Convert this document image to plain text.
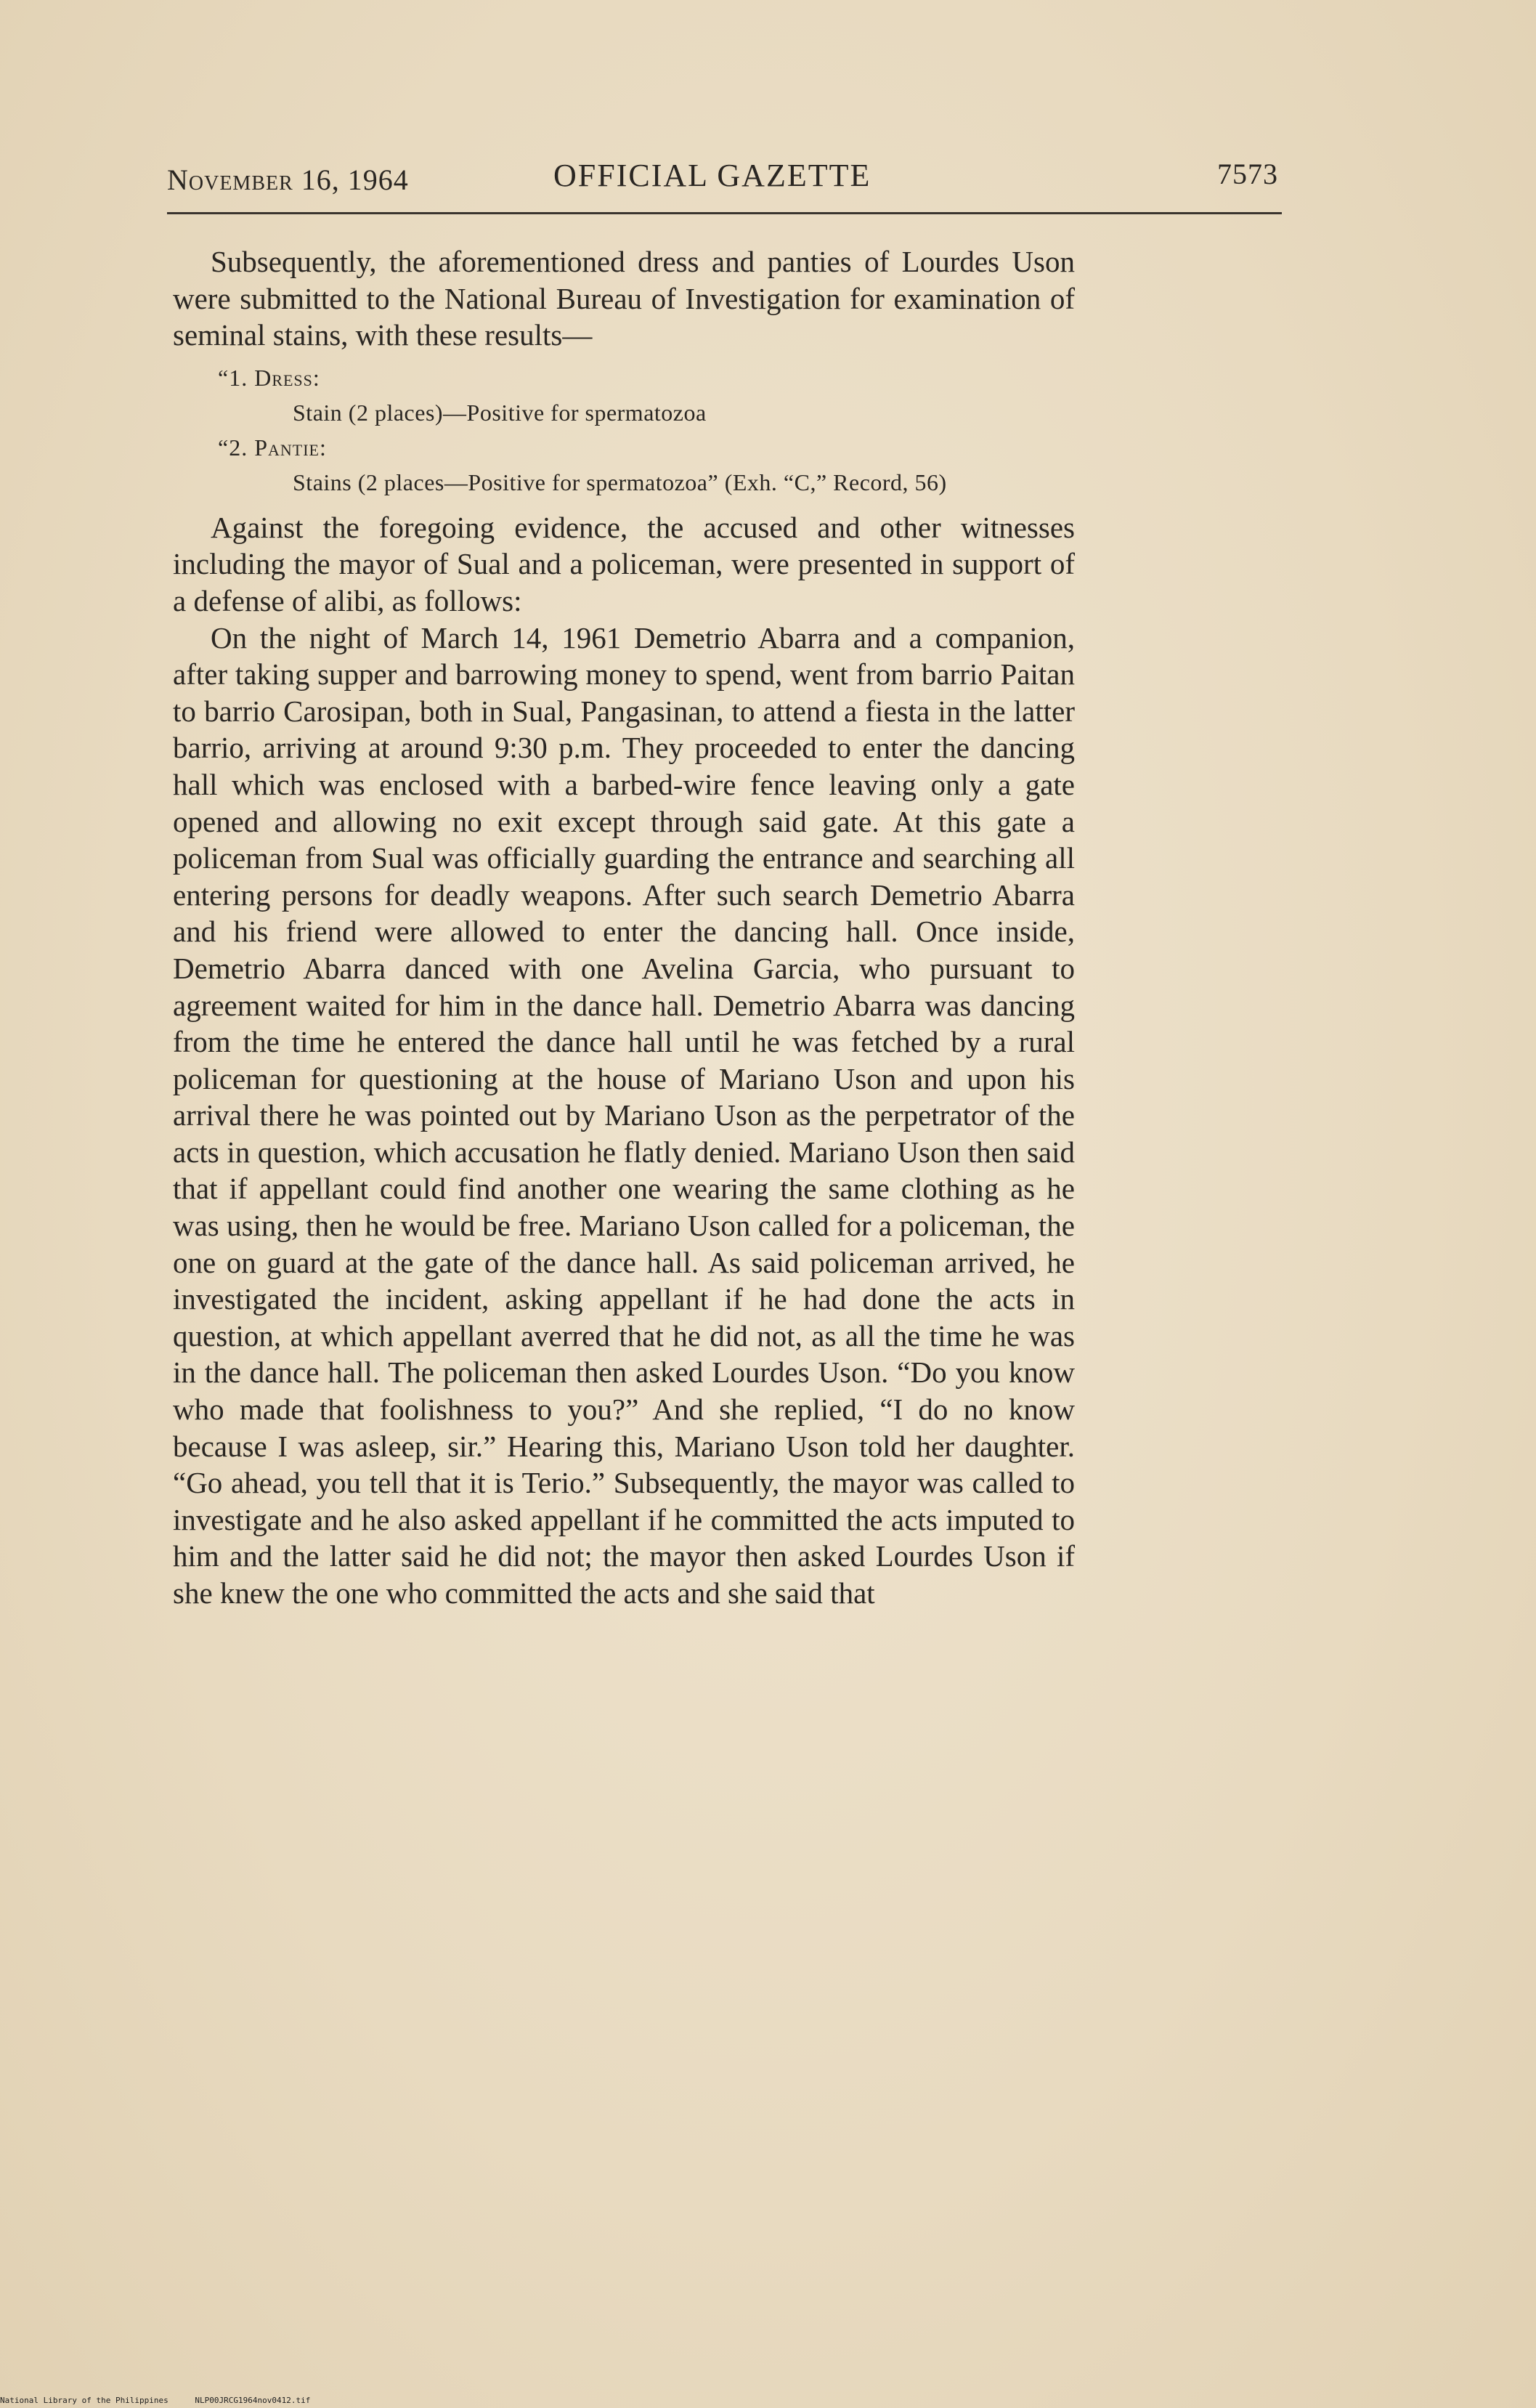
November 16, 1964	OFFICIAL GAZETTE	7573

Subsequently, the aforementioned dress and panties of Lourdes Uson were submitted to the National Bureau of Investigation for examination of seminal stains, with these results—

“1. Dress:
Stain (2 places)—Positive for spermatozoa
“2. Pantie:
Stains (2 places—Positive for spermatozoa” (Exh. “C,” Record, 56)

Against the foregoing evidence, the accused and other witnesses including the mayor of Sual and a policeman, were presented in support of a defense of alibi, as follows:

On the night of March 14, 1961 Demetrio Abarra and a companion, after taking supper and barrowing money to spend, went from barrio Paitan to barrio Carosipan, both in Sual, Pangasinan, to attend a fiesta in the latter barrio, arriving at around 9:30 p.m. They proceeded to enter the dancing hall which was enclosed with a barbed-wire fence leaving only a gate opened and allowing no exit except through said gate. At this gate a policeman from Sual was officially guarding the entrance and searching all entering persons for deadly weapons. After such search Demetrio Abarra and his friend were allowed to enter the dancing hall. Once inside, Demetrio Abarra danced with one Avelina Garcia, who pursuant to agreement waited for him in the dance hall. Demetrio Abarra was dancing from the time he entered the dance hall until he was fetched by a rural policeman for questioning at the house of Mariano Uson and upon his arrival there he was pointed out by Mariano Uson as the perpetrator of the acts in question, which accusation he flatly denied. Mariano Uson then said that if appellant could find another one wearing the same clothing as he was using, then he would be free. Mariano Uson called for a policeman, the one on guard at the gate of the dance hall. As said policeman arrived, he investigated the incident, asking appellant if he had done the acts in question, at which appellant averred that he did not, as all the time he was in the dance hall. The policeman then asked Lourdes Uson. “Do you know who made that foolishness to you?” And she replied, “I do no know because I was asleep, sir.” Hearing this, Mariano Uson told her daughter. “Go ahead, you tell that it is Terio.” Subsequently, the mayor was called to investigate and he also asked appellant if he committed the acts imputed to him and the latter said he did not; the mayor then asked Lourdes Uson if she knew the one who committed the acts and she said that

National Library of the Philippines	NLP00JRCG1964nov0412.tif
